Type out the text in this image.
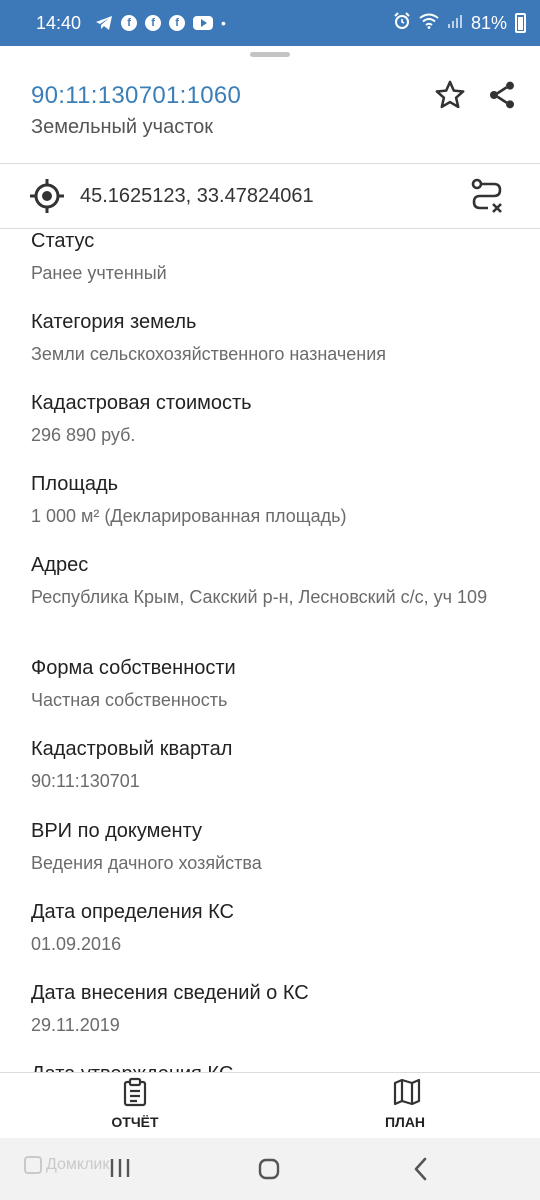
14:40	f	f	f	•	81%
90:11:130701:1060
Земельный участок
45.1625123, 33.47824061
Статус
Ранее учтенный
Категория земель
Земли сельскохозяйственного назначения
Кадастровая стоимость
296 890 руб.
Площадь
1 000 м² (Декларированная площадь)
Адрес
Республика Крым, Сакский р-н, Лесновский с/с, уч 109
Форма собственности
Частная собственность
Кадастровый квартал
90:11:130701
ВРИ по документу
Ведения дачного хозяйства
Дата определения КС
01.09.2016
Дата внесения сведений о КС
29.11.2019
ОТЧЁТ	ПЛАН
Домклик
